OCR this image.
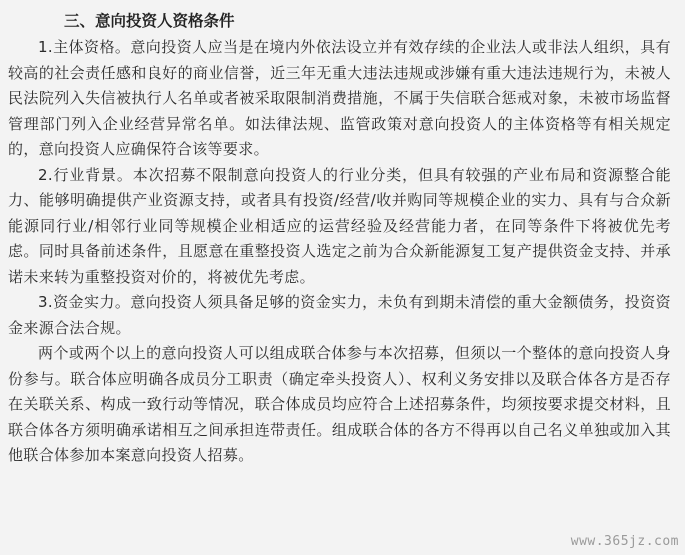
三、意向投资人资格条件

1.主体资格。意向投资人应当是在境内外依法设立并有效存续的企业法人或非法人组织，具有较高的社会责任感和良好的商业信誉，近三年无重大违法违规或涉嫌有重大违法违规行为，未被人民法院列入失信被执行人名单或者被采取限制消费措施，不属于失信联合惩戒对象，未被市场监督管理部门列入企业经营异常名单。如法律法规、监管政策对意向投资人的主体资格等有相关规定的，意向投资人应确保符合该等要求。

2.行业背景。本次招募不限制意向投资人的行业分类，但具有较强的产业布局和资源整合能力、能够明确提供产业资源支持，或者具有投资/经营/收并购同等规模企业的实力、具有与合众新能源同行业/相邻行业同等规模企业相适应的运营经验及经营能力者，在同等条件下将被优先考虑。同时具备前述条件，且愿意在重整投资人选定之前为合众新能源复工复产提供资金支持、并承诺未来转为重整投资对价的，将被优先考虑。

3.资金实力。意向投资人须具备足够的资金实力，未负有到期未清偿的重大金额债务，投资资金来源合法合规。

两个或两个以上的意向投资人可以组成联合体参与本次招募，但须以一个整体的意向投资人身份参与。联合体应明确各成员分工职责（确定牵头投资人）、权利义务安排以及联合体各方是否存在关联关系、构成一致行动等情况，联合体成员均应符合上述招募条件，均须按要求提交材料，且联合体各方须明确承诺相互之间承担连带责任。组成联合体的各方不得再以自己名义单独或加入其他联合体参加本案意向投资人招募。

www.365jz.com
